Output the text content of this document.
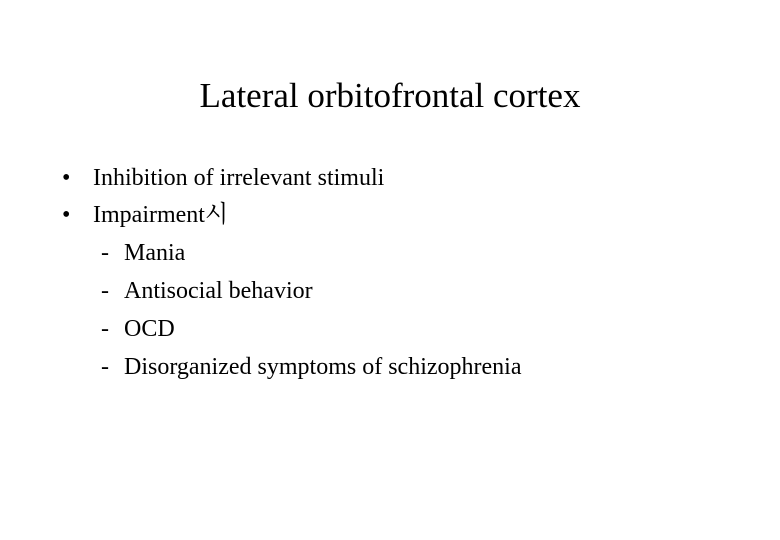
Lateral orbitofrontal cortex
• Inhibition of irrelevant stimuli
• Impairment시
- Mania
- Antisocial behavior
- OCD
- Disorganized symptoms of schizophrenia
